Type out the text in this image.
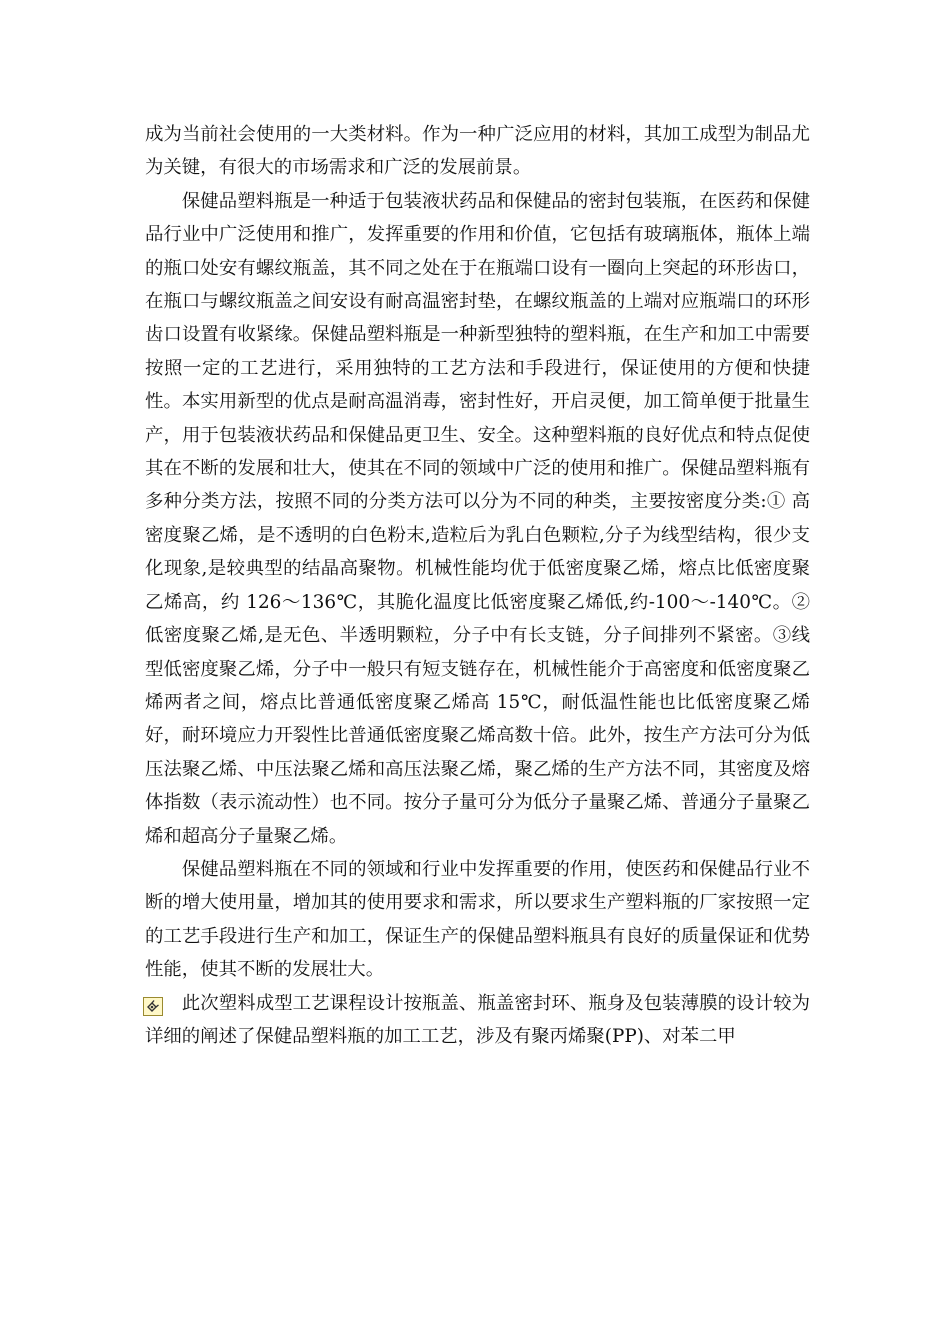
成为当前社会使用的一大类材料。作为一种广泛应用的材料，其加工成型为制品尤为关键，有很大的市场需求和广泛的发展前景。

保健品塑料瓶是一种适于包装液状药品和保健品的密封包装瓶，在医药和保健品行业中广泛使用和推广，发挥重要的作用和价值，它包括有玻璃瓶体，瓶体上端的瓶口处安有螺纹瓶盖，其不同之处在于在瓶端口设有一圈向上突起的环形齿口，在瓶口与螺纹瓶盖之间安设有耐高温密封垫，在螺纹瓶盖的上端对应瓶端口的环形齿口设置有收紧缘。保健品塑料瓶是一种新型独特的塑料瓶，在生产和加工中需要按照一定的工艺进行，采用独特的工艺方法和手段进行，保证使用的方便和快捷性。本实用新型的优点是耐高温消毒，密封性好，开启灵便，加工简单便于批量生产，用于包装液状药品和保健品更卫生、安全。这种塑料瓶的良好优点和特点促使其在不断的发展和壮大，使其在不同的领域中广泛的使用和推广。保健品塑料瓶有多种分类方法，按照不同的分类方法可以分为不同的种类，主要按密度分类:① 高密度聚乙烯，是不透明的白色粉末,造粒后为乳白色颗粒,分子为线型结构，很少支化现象,是较典型的结晶高聚物。机械性能均优于低密度聚乙烯，熔点比低密度聚乙烯高，约 126～136℃，其脆化温度比低密度聚乙烯低,约-100～-140℃。②低密度聚乙烯,是无色、半透明颗粒，分子中有长支链，分子间排列不紧密。③线型低密度聚乙烯，分子中一般只有短支链存在，机械性能介于高密度和低密度聚乙烯两者之间，熔点比普通低密度聚乙烯高 15℃，耐低温性能也比低密度聚乙烯好，耐环境应力开裂性比普通低密度聚乙烯高数十倍。此外，按生产方法可分为低压法聚乙烯、中压法聚乙烯和高压法聚乙烯，聚乙烯的生产方法不同，其密度及熔体指数（表示流动性）也不同。按分子量可分为低分子量聚乙烯、普通分子量聚乙烯和超高分子量聚乙烯。

保健品塑料瓶在不同的领域和行业中发挥重要的作用，使医药和保健品行业不断的增大使用量，增加其的使用要求和需求，所以要求生产塑料瓶的厂家按照一定的工艺手段进行生产和加工，保证生产的保健品塑料瓶具有良好的质量保证和优势性能，使其不断的发展壮大。

此次塑料成型工艺课程设计按瓶盖、瓶盖密封环、瓶身及包装薄膜的设计较为详细的阐述了保健品塑料瓶的加工工艺，涉及有聚丙烯聚(PP)、对苯二甲
